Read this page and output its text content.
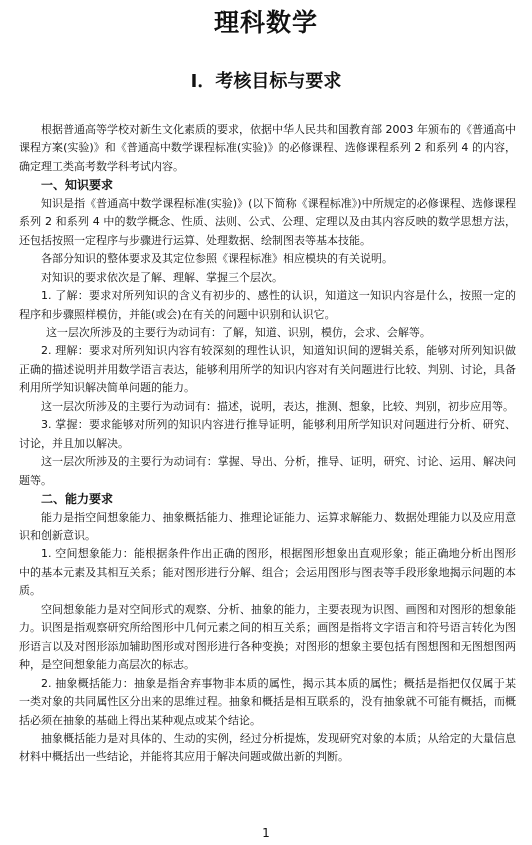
理科数学
Ⅰ．考核目标与要求

根据普通高等学校对新生文化素质的要求，依据中华人民共和国教育部 2003 年颁布的《普通高中课程方案(实验)》和《普通高中数学课程标准(实验)》的必修课程、选修课程系列 2 和系列 4 的内容，确定理工类高考数学科考试内容。

一、知识要求

知识是指《普通高中数学课程标准(实验)》(以下简称《课程标准》)中所规定的必修课程、选修课程系列 2 和系列 4 中的数学概念、性质、法则、公式、公理、定理以及由其内容反映的数学思想方法，还包括按照一定程序与步骤进行运算、处理数据、绘制图表等基本技能。

各部分知识的整体要求及其定位参照《课程标准》相应模块的有关说明。

对知识的要求依次是了解、理解、掌握三个层次。

1. 了解：要求对所列知识的含义有初步的、感性的认识，知道这一知识内容是什么，按照一定的程序和步骤照样模仿，并能(或会)在有关的问题中识别和认识它。

这一层次所涉及的主要行为动词有：了解，知道、识别，模仿，会求、会解等。

2. 理解：要求对所列知识内容有较深刻的理性认识，知道知识间的逻辑关系，能够对所列知识做正确的描述说明并用数学语言表达，能够利用所学的知识内容对有关问题进行比较、判别、讨论，具备利用所学知识解决简单问题的能力。

这一层次所涉及的主要行为动词有：描述，说明，表达，推测、想象，比较、判别，初步应用等。

3. 掌握：要求能够对所列的知识内容进行推导证明，能够利用所学知识对问题进行分析、研究、讨论，并且加以解决。

这一层次所涉及的主要行为动词有：掌握、导出、分析，推导、证明，研究、讨论、运用、解决问题等。

二、能力要求

能力是指空间想象能力、抽象概括能力、推理论证能力、运算求解能力、数据处理能力以及应用意识和创新意识。

1. 空间想象能力：能根据条件作出正确的图形，根据图形想象出直观形象；能正确地分析出图形中的基本元素及其相互关系；能对图形进行分解、组合；会运用图形与图表等手段形象地揭示问题的本质。

空间想象能力是对空间形式的观察、分析、抽象的能力，主要表现为识图、画图和对图形的想象能力。识图是指观察研究所给图形中几何元素之间的相互关系；画图是指将文字语言和符号语言转化为图形语言以及对图形添加辅助图形或对图形进行各种变换；对图形的想象主要包括有图想图和无图想图两种，是空间想象能力高层次的标志。

2. 抽象概括能力：抽象是指舍弃事物非本质的属性，揭示其本质的属性；概括是指把仅仅属于某一类对象的共同属性区分出来的思维过程。抽象和概括是相互联系的，没有抽象就不可能有概括，而概括必须在抽象的基础上得出某种观点或某个结论。

抽象概括能力是对具体的、生动的实例，经过分析提炼，发现研究对象的本质；从给定的大量信息材料中概括出一些结论，并能将其应用于解决问题或做出新的判断。

1
